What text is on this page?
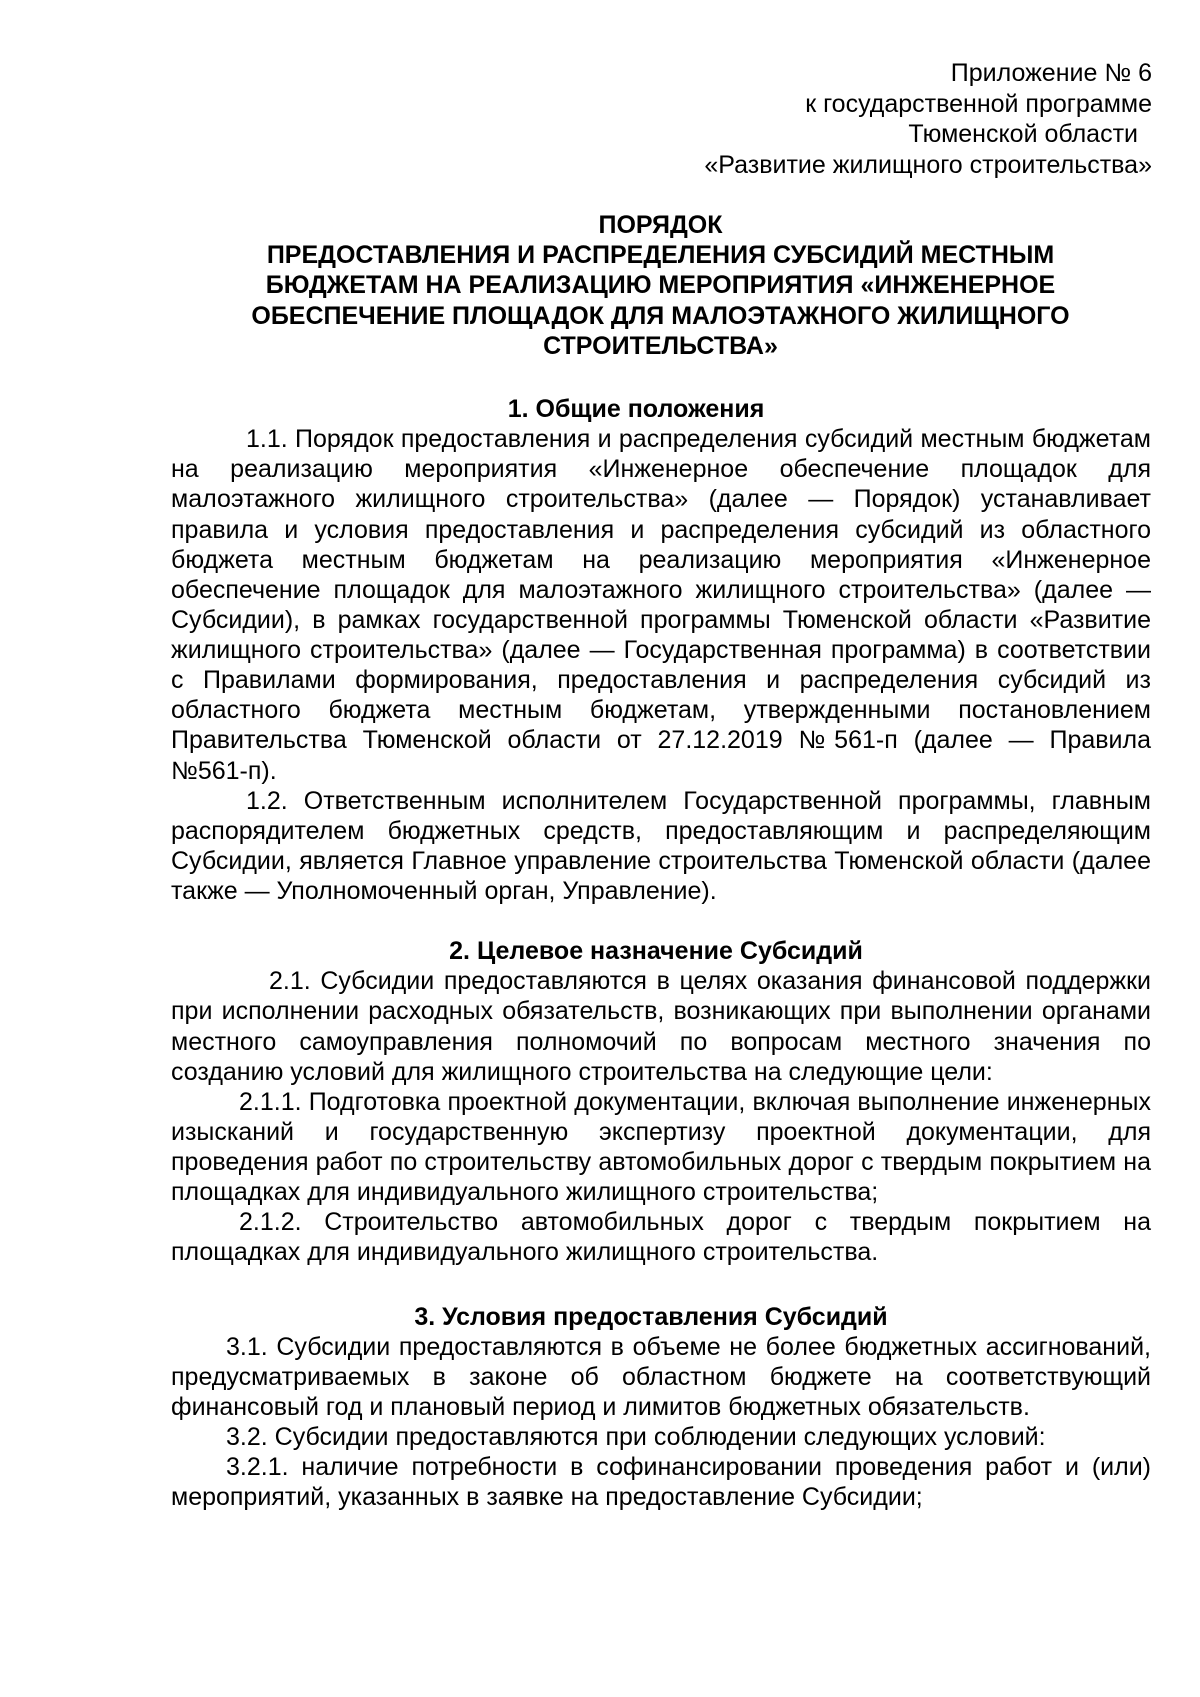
Приложение № 6
к государственной программе
Тюменской области
«Развитие жилищного строительства»
ПОРЯДОК
ПРЕДОСТАВЛЕНИЯ И РАСПРЕДЕЛЕНИЯ СУБСИДИЙ МЕСТНЫМ
БЮДЖЕТАМ НА РЕАЛИЗАЦИЮ МЕРОПРИЯТИЯ «ИНЖЕНЕРНОЕ
ОБЕСПЕЧЕНИЕ ПЛОЩАДОК ДЛЯ МАЛОЭТАЖНОГО ЖИЛИЩНОГО
СТРОИТЕЛЬСТВА»
1. Общие положения
1.1. Порядок предоставления и распределения субсидий местным бюджетам на реализацию мероприятия «Инженерное обеспечение площадок для малоэтажного жилищного строительства» (далее — Порядок) устанавливает правила и условия предоставления и распределения субсидий из областного бюджета местным бюджетам на реализацию мероприятия «Инженерное обеспечение площадок для малоэтажного жилищного строительства» (далее — Субсидии), в рамках государственной программы Тюменской области «Развитие жилищного строительства» (далее — Государственная программа) в соответствии с Правилами формирования, предоставления и распределения субсидий из областного бюджета местным бюджетам, утвержденными постановлением Правительства Тюменской области от 27.12.2019 №561-п (далее — Правила №561-п).
1.2. Ответственным исполнителем Государственной программы, главным распорядителем бюджетных средств, предоставляющим и распределяющим Субсидии, является Главное управление строительства Тюменской области (далее также — Уполномоченный орган, Управление).
2. Целевое назначение Субсидий
2.1. Субсидии предоставляются в целях оказания финансовой поддержки при исполнении расходных обязательств, возникающих при выполнении органами местного самоуправления полномочий по вопросам местного значения по созданию условий для жилищного строительства на следующие цели:
2.1.1. Подготовка проектной документации, включая выполнение инженерных изысканий и государственную экспертизу проектной документации, для проведения работ по строительству автомобильных дорог с твердым покрытием на площадках для индивидуального жилищного строительства;
2.1.2. Строительство автомобильных дорог с твердым покрытием на площадках для индивидуального жилищного строительства.
3. Условия предоставления Субсидий
3.1. Субсидии предоставляются в объеме не более бюджетных ассигнований, предусматриваемых в законе об областном бюджете на соответствующий финансовый год и плановый период и лимитов бюджетных обязательств.
3.2. Субсидии предоставляются при соблюдении следующих условий:
3.2.1. наличие потребности в софинансировании проведения работ и (или) мероприятий, указанных в заявке на предоставление Субсидии;
